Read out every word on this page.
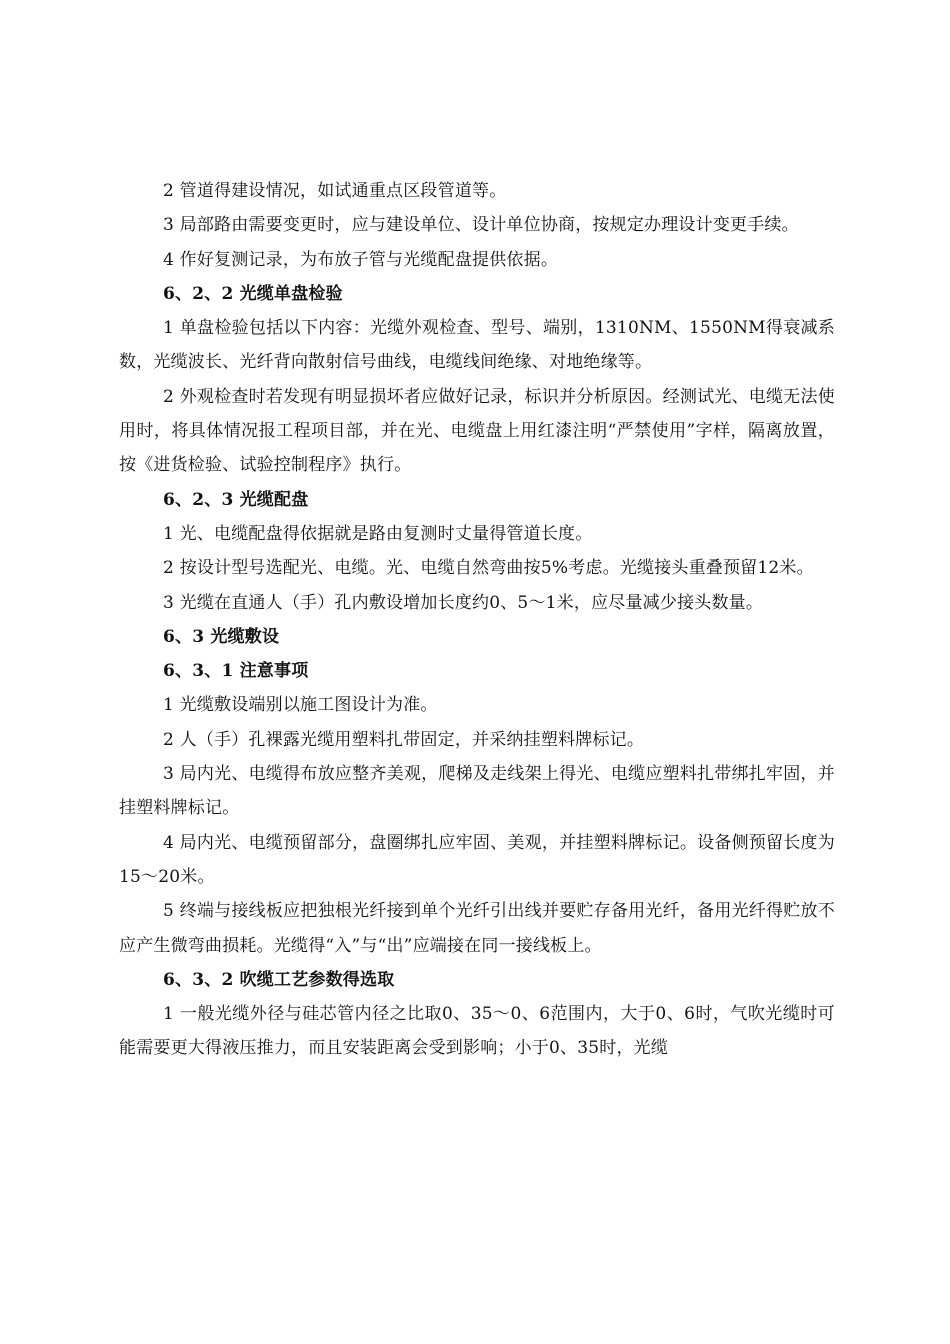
2 管道得建设情况，如试通重点区段管道等。

3 局部路由需要变更时，应与建设单位、设计单位协商，按规定办理设计变更手续。

4 作好复测记录，为布放子管与光缆配盘提供依据。

6、2、2 光缆单盘检验

1 单盘检验包括以下内容：光缆外观检查、型号、端别，1310NM、1550NM得衰减系数，光缆波长、光纤背向散射信号曲线，电缆线间绝缘、对地绝缘等。

2 外观检查时若发现有明显损坏者应做好记录，标识并分析原因。经测试光、电缆无法使用时，将具体情况报工程项目部，并在光、电缆盘上用红漆注明“严禁使用”字样，隔离放置，按《进货检验、试验控制程序》执行。

6、2、3 光缆配盘

1 光、电缆配盘得依据就是路由复测时丈量得管道长度。

2 按设计型号选配光、电缆。光、电缆自然弯曲按5%考虑。光缆接头重叠预留12米。

3 光缆在直通人（手）孔内敷设增加长度约0、5～1米，应尽量减少接头数量。

6、3 光缆敷设

6、3、1 注意事项

1 光缆敷设端别以施工图设计为准。

2 人（手）孔裸露光缆用塑料扎带固定，并采纳挂塑料牌标记。

3 局内光、电缆得布放应整齐美观，爬梯及走线架上得光、电缆应塑料扎带绑扎牢固，并挂塑料牌标记。

4 局内光、电缆预留部分，盘圈绑扎应牢固、美观，并挂塑料牌标记。设备侧预留长度为15～20米。

5 终端与接线板应把独根光纤接到单个光纤引出线并要贮存备用光纤，备用光纤得贮放不应产生微弯曲损耗。光缆得“入”与“出”应端接在同一接线板上。

6、3、2 吹缆工艺参数得选取

1 一般光缆外径与硅芯管内径之比取0、35～0、6范围内，大于0、6时，气吹光缆时可能需要更大得液压推力，而且安装距离会受到影响；小于0、35时，光缆
